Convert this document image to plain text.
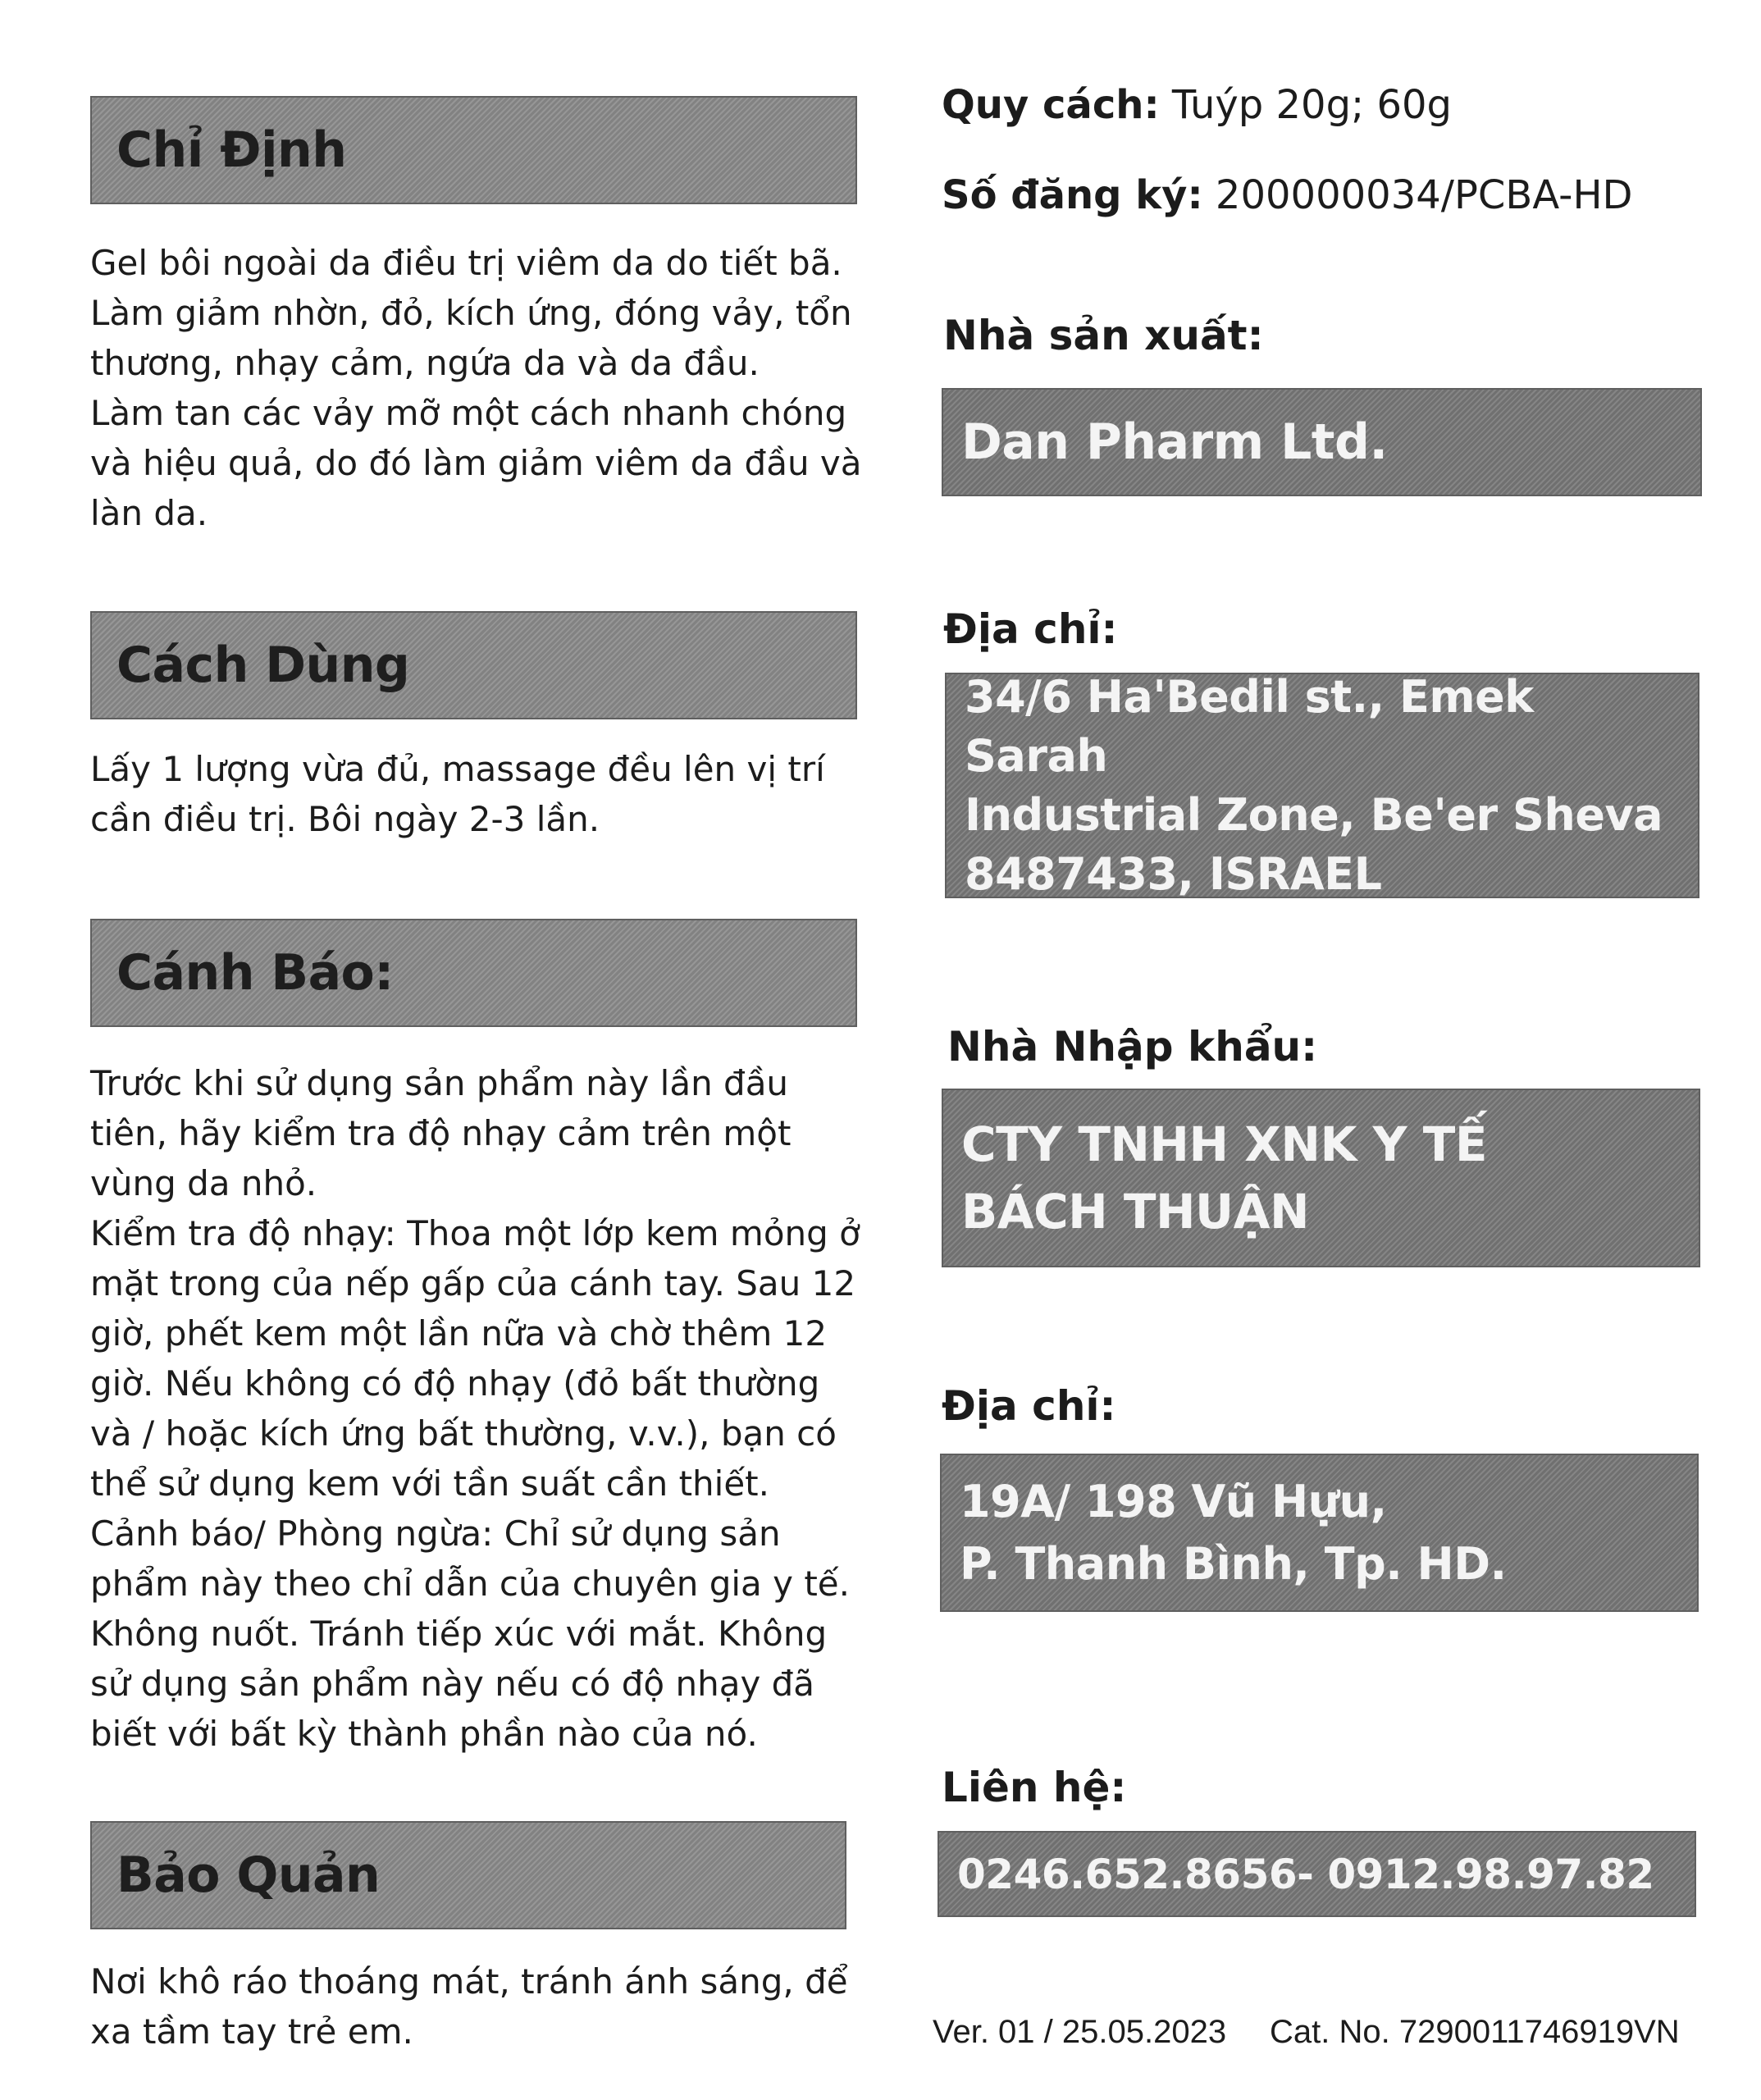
Chỉ Định
Gel bôi ngoài da điều trị viêm da do tiết bã.
Làm giảm nhờn, đỏ, kích ứng, đóng vảy, tổn
thương, nhạy cảm, ngứa da và da đầu.
Làm tan các vảy mỡ một cách nhanh chóng
và hiệu quả, do đó làm giảm viêm da đầu và
làn da.
Cách Dùng
Lấy 1 lượng vừa đủ, massage đều lên vị trí
cần điều trị. Bôi ngày 2-3 lần.
Cánh Báo:
Trước khi sử dụng sản phẩm này lần đầu
tiên, hãy kiểm tra độ nhạy cảm trên một
vùng da nhỏ.
Kiểm tra độ nhạy: Thoa một lớp kem mỏng ở
mặt trong của nếp gấp của cánh tay. Sau 12
giờ, phết kem một lần nữa và chờ thêm 12
giờ. Nếu không có độ nhạy (đỏ bất thường
và / hoặc kích ứng bất thường, v.v.), bạn có
thể sử dụng kem với tần suất cần thiết.
Cảnh báo/ Phòng ngừa: Chỉ sử dụng sản
phẩm này theo chỉ dẫn của chuyên gia y tế.
Không nuốt. Tránh tiếp xúc với mắt. Không
sử dụng sản phẩm này nếu có độ nhạy đã
biết với bất kỳ thành phần nào của nó.
Bảo Quản
Nơi khô ráo thoáng mát, tránh ánh sáng, để
xa tầm tay trẻ em.
Quy cách: Tuýp 20g; 60g
Số đăng ký: 200000034/PCBA-HD
Nhà sản xuất:
Dan Pharm Ltd.
Địa chỉ:
34/6 Ha'Bedil st., Emek Sarah
Industrial Zone, Be'er Sheva
8487433, ISRAEL
Nhà Nhập khẩu:
CTY TNHH XNK Y TẾ
BÁCH THUẬN
Địa chỉ:
19A/ 198 Vũ Hựu,
P. Thanh Bình, Tp. HD.
Liên hệ:
0246.652.8656- 0912.98.97.82
Ver. 01 / 25.05.2023 Cat. No. 7290011746919VN
